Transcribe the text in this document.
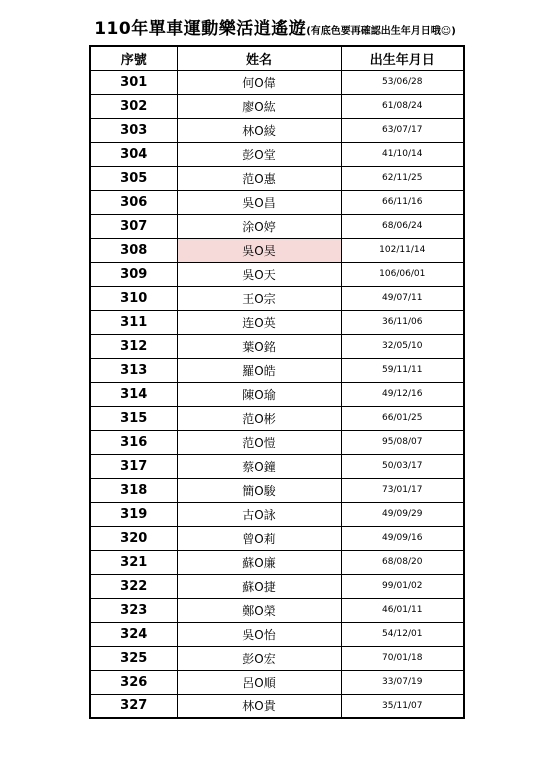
110年單車運動樂活逍遙遊(有底色要再確認出生年月日哦☺)
序號	姓名	出生年月日
301	何O偉	53/06/28
302	廖O紘	61/08/24
303	林O綾	63/07/17
304	彭O堂	41/10/14
305	范O惠	62/11/25
306	吳O昌	66/11/16
307	涂O婷	68/06/24
308	吳O昊	102/11/14
309	吳O天	106/06/01
310	王O宗	49/07/11
311	连O英	36/11/06
312	葉O銘	32/05/10
313	羅O皓	59/11/11
314	陳O瑜	49/12/16
315	范O彬	66/01/25
316	范O愷	95/08/07
317	蔡O鐘	50/03/17
318	簡O駿	73/01/17
319	古O詠	49/09/29
320	曾O莉	49/09/16
321	蘇O廉	68/08/20
322	蘇O捷	99/01/02
323	鄭O榮	46/01/11
324	吳O怡	54/12/01
325	彭O宏	70/01/18
326	呂O順	33/07/19
327	林O貴	35/11/07
